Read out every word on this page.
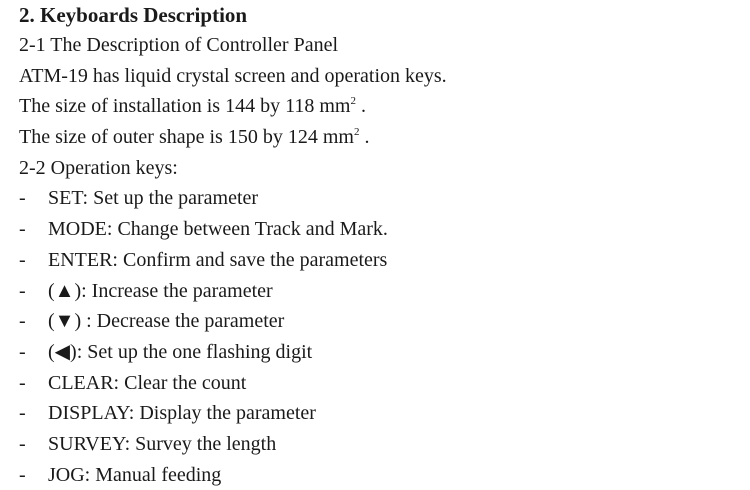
2. Keyboards Description
2-1 The Description of Controller Panel
ATM-19 has liquid crystal screen and operation keys.
The size of installation is 144 by 118 $mm^2$ .
The size of outer shape is 150 by 124 $mm^2$ .
2-2 Operation keys:
- SET: Set up the parameter
- MODE: Change between Track and Mark.
- ENTER: Confirm and save the parameters
- (▲): Increase the parameter
- (▼) : Decrease the parameter
- (◀): Set up the one flashing digit
- CLEAR: Clear the count
- DISPLAY: Display the parameter
- SURVEY: Survey the length
- JOG: Manual feeding
